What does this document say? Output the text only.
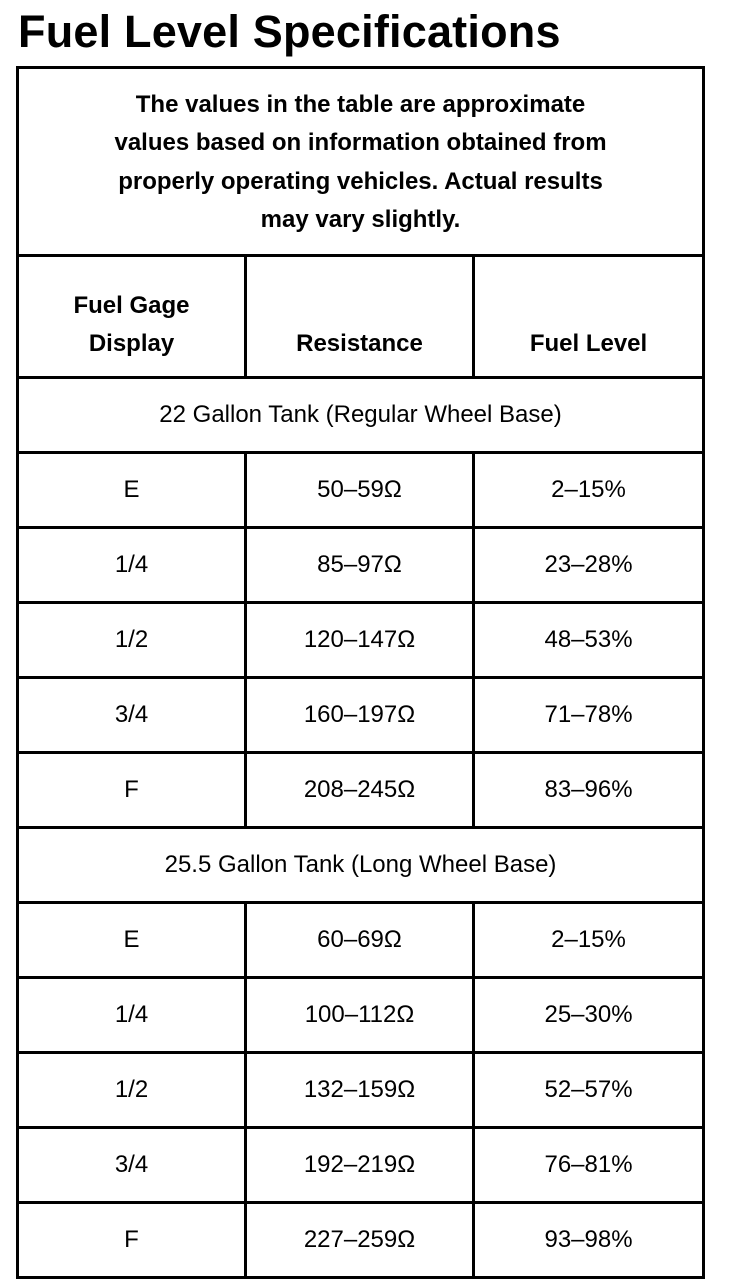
Fuel Level Specifications
The values in the table are approximate
values based on information obtained from
properly operating vehicles. Actual results
may vary slightly.		

Fuel Gage
Display	Resistance	Fuel Level
22 Gallon Tank (Regular Wheel Base)		
E	50–59Ω	2–15%
1/4	85–97Ω	23–28%
1/2	120–147Ω	48–53%
3/4	160–197Ω	71–78%
F	208–245Ω	83–96%
25.5 Gallon Tank (Long Wheel Base)		
E	60–69Ω	2–15%
1/4	100–112Ω	25–30%
1/2	132–159Ω	52–57%
3/4	192–219Ω	76–81%
F	227–259Ω	93–98%
